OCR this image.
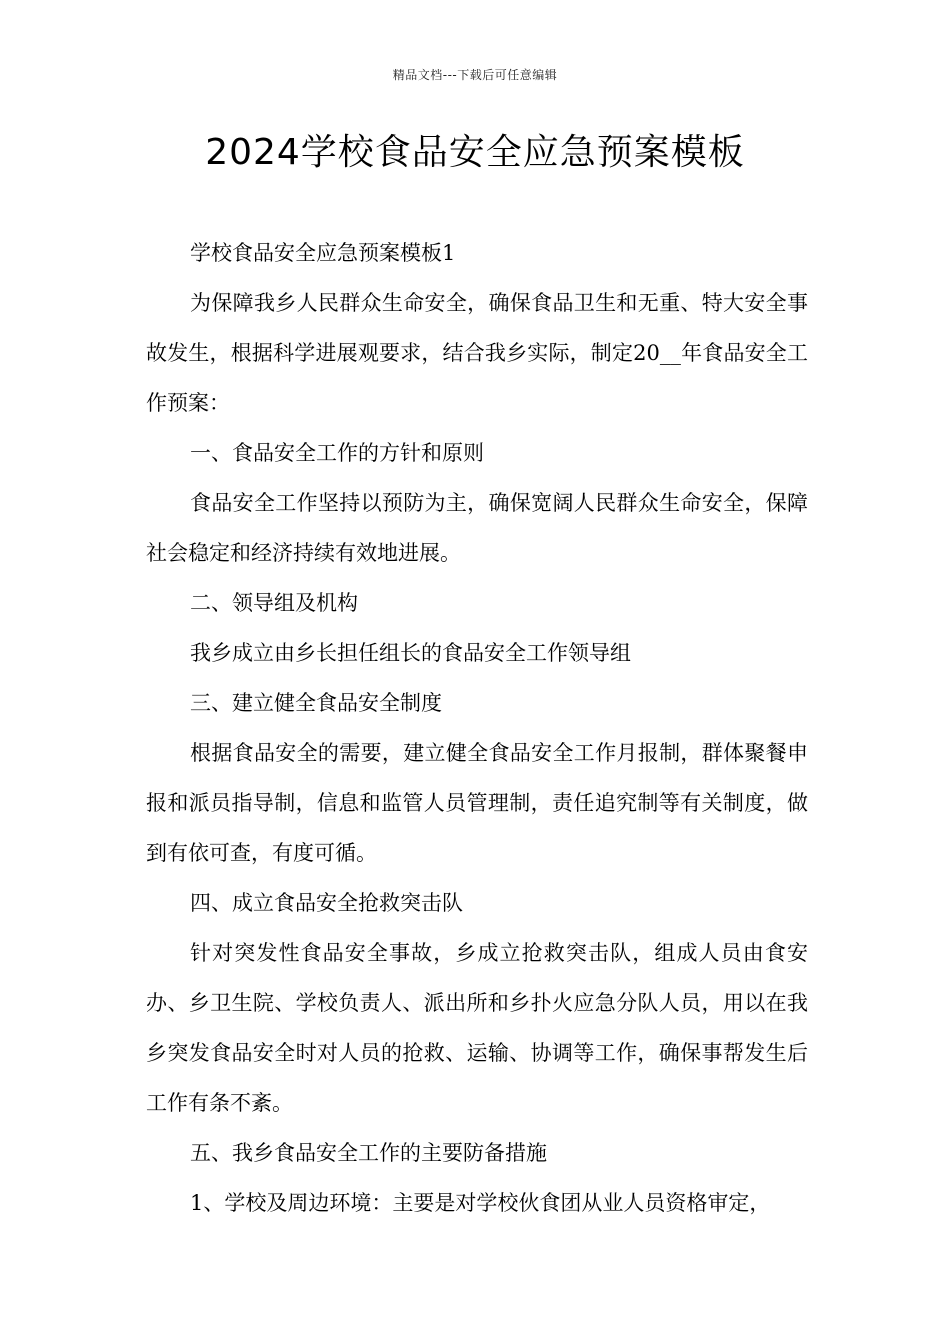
精品文档---下载后可任意编辑
2024学校食品安全应急预案模板

学校食品安全应急预案模板1

为保障我乡人民群众生命安全，确保食品卫生和无重、特大安全事故发生，根据科学进展观要求，结合我乡实际，制定20__年食品安全工作预案：

一、食品安全工作的方针和原则

食品安全工作坚持以预防为主，确保宽阔人民群众生命安全，保障社会稳定和经济持续有效地进展。

二、领导组及机构

我乡成立由乡长担任组长的食品安全工作领导组

三、建立健全食品安全制度

根据食品安全的需要，建立健全食品安全工作月报制，群体聚餐申报和派员指导制，信息和监管人员管理制，责任追究制等有关制度，做到有依可查，有度可循。

四、成立食品安全抢救突击队

针对突发性食品安全事故，乡成立抢救突击队，组成人员由食安办、乡卫生院、学校负责人、派出所和乡扑火应急分队人员，用以在我乡突发食品安全时对人员的抢救、运输、协调等工作，确保事帮发生后工作有条不紊。

五、我乡食品安全工作的主要防备措施

1、学校及周边环境：主要是对学校伙食团从业人员资格审定，
